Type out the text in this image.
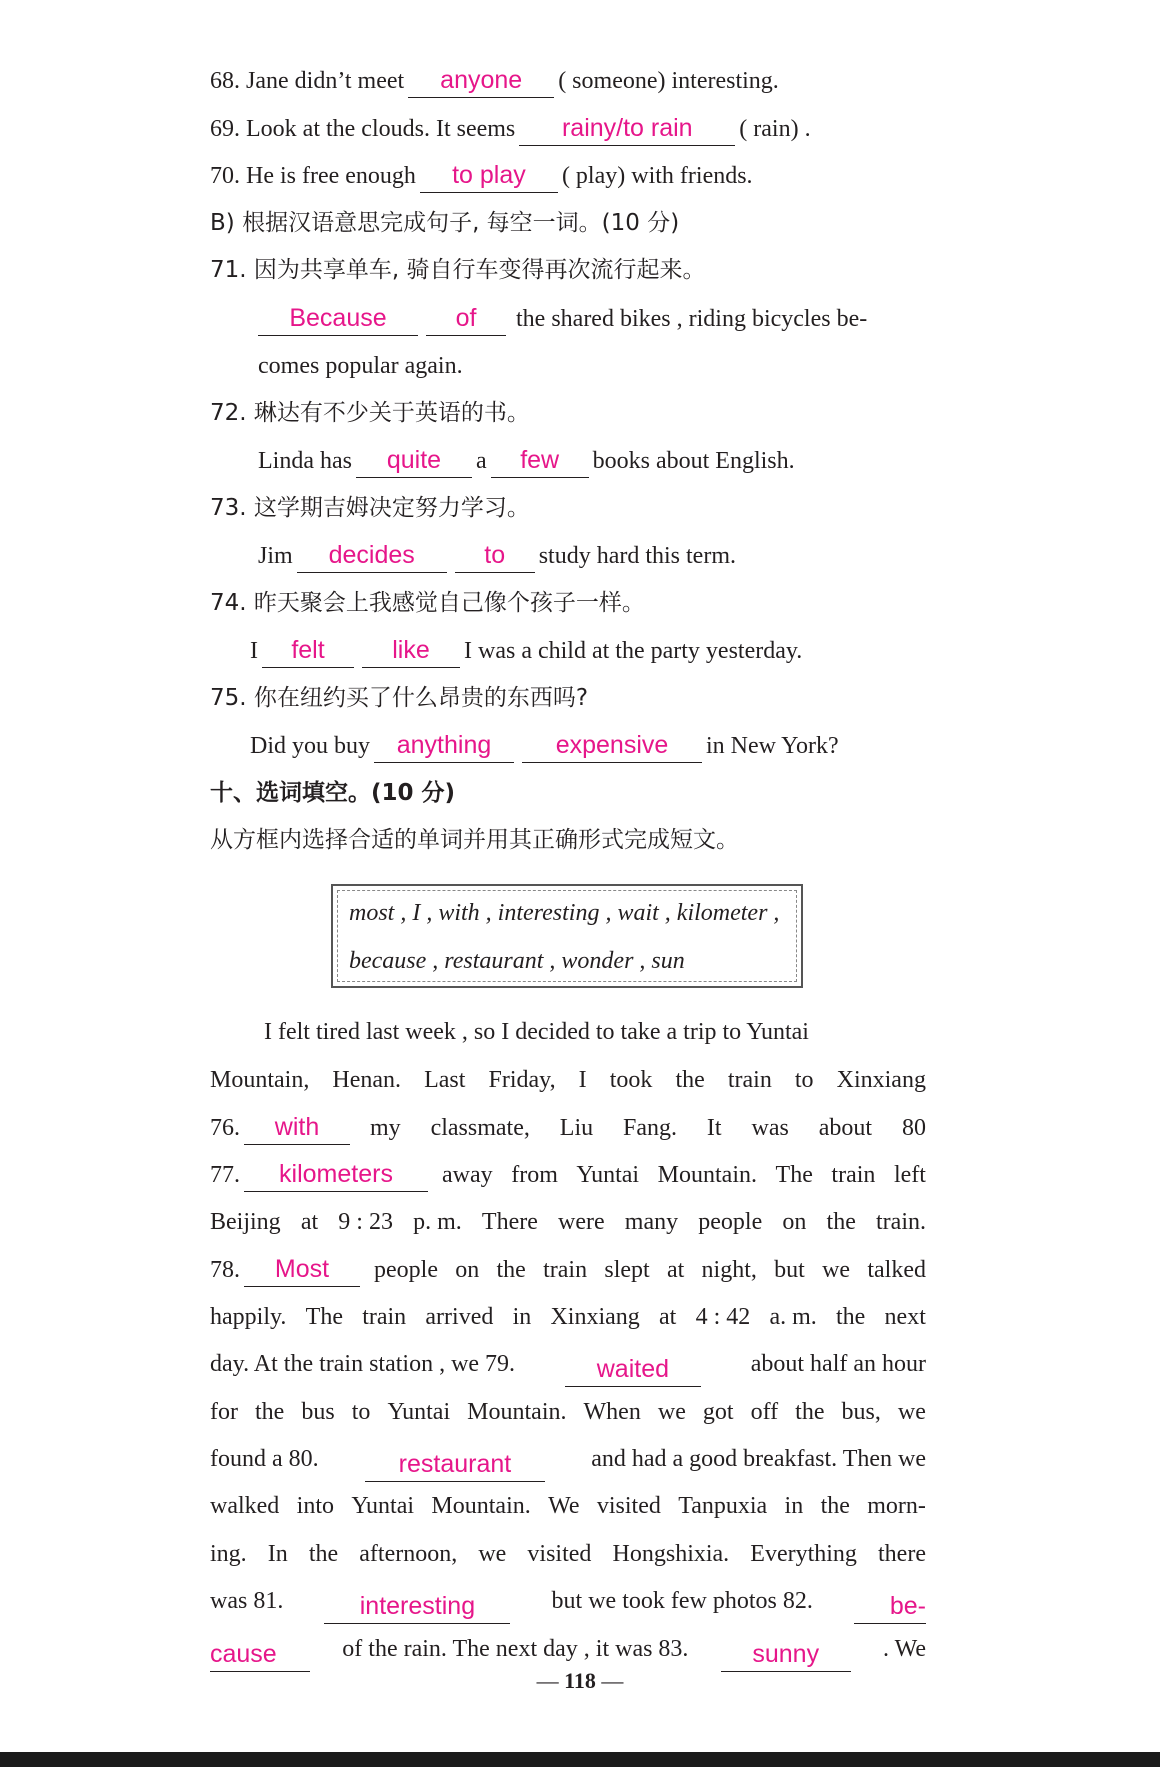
68. Jane didn’t meet anyone ( someone) interesting.
69. Look at the clouds. It seems rainy/to rain ( rain) .
70. He is free enough to play ( play) with friends.
B) 根据汉语意思完成句子, 每空一词。(10 分)
71. 因为共享单车, 骑自行车变得再次流行起来。
Because	of the shared bikes , riding bicycles be-
comes popular again.
72. 琳达有不少关于英语的书。
Linda has quite a few books about English.
73. 这学期吉姆决定努力学习。
Jim decides	to study hard this term.
74. 昨天聚会上我感觉自己像个孩子一样。
I felt	like I was a child at the party yesterday.
75. 你在纽约买了什么昂贵的东西吗?
Did you buy anything	expensive in New York?
十、选词填空。(10 分)
从方框内选择合适的单词并用其正确形式完成短文。
most , I , with , interesting , wait , kilometer ,
because , restaurant , wonder , sun
I felt tired last week , so I decided to take a trip to Yuntai
Mountain, Henan. Last Friday, I took the train to Xinxiang
76. with	my classmate, Liu Fang. It was about 80
77. kilometers	away from Yuntai Mountain. The train left
Beijing at 9 : 23 p. m. There were many people on the train.
78. Most	people on the train slept at night, but we talked
happily. The train arrived in Xinxiang at 4 : 42 a. m. the next
day. At the train station , we 79.	waited	about half an hour
for the bus to Yuntai Mountain. When we got off the bus, we
found a 80.	restaurant	and had a good breakfast. Then we
walked into Yuntai Mountain. We visited Tanpuxia in the morn-
ing. In the afternoon, we visited Hongshixia. Everything there
was 81.	interesting	but we took few photos 82.	be-
cause	of the rain. The next day , it was 83.	sunny	. We
— 118 —
